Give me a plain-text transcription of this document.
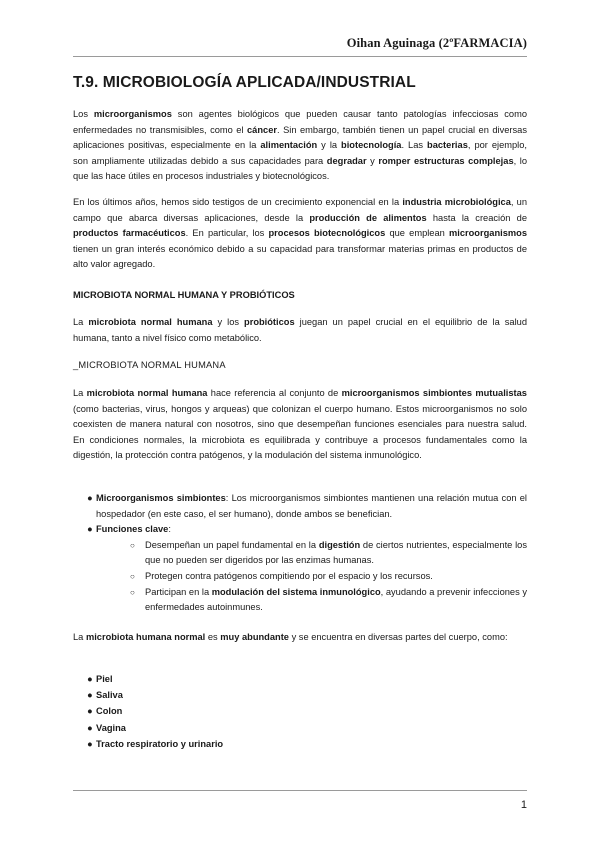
Oihan Aguinaga (2ºFARMACIA)
T.9. MICROBIOLOGÍA APLICADA/INDUSTRIAL

Los microorganismos son agentes biológicos que pueden causar tanto patologías infecciosas como enfermedades no transmisibles, como el cáncer. Sin embargo, también tienen un papel crucial en diversas aplicaciones positivas, especialmente en la alimentación y la biotecnología. Las bacterias, por ejemplo, son ampliamente utilizadas debido a sus capacidades para degradar y romper estructuras complejas, lo que las hace útiles en procesos industriales y biotecnológicos.

En los últimos años, hemos sido testigos de un crecimiento exponencial en la industria microbiológica, un campo que abarca diversas aplicaciones, desde la producción de alimentos hasta la creación de productos farmacéuticos. En particular, los procesos biotecnológicos que emplean microorganismos tienen un gran interés económico debido a su capacidad para transformar materias primas en productos de alto valor agregado.

MICROBIOTA NORMAL HUMANA Y PROBIÓTICOS

La microbiota normal humana y los probióticos juegan un papel crucial en el equilibrio de la salud humana, tanto a nivel físico como metabólico.

_MICROBIOTA NORMAL HUMANA

La microbiota normal humana hace referencia al conjunto de microorganismos simbiontes mutualistas (como bacterias, virus, hongos y arqueas) que colonizan el cuerpo humano. Estos microorganismos no solo coexisten de manera natural con nosotros, sino que desempeñan funciones esenciales para nuestra salud. En condiciones normales, la microbiota es equilibrada y contribuye a procesos fundamentales como la digestión, la protección contra patógenos, y la modulación del sistema inmunológico.

● Microorganismos simbiontes: Los microorganismos simbiontes mantienen una relación mutua con el hospedador (en este caso, el ser humano), donde ambos se benefician.
● Funciones clave:
○ Desempeñan un papel fundamental en la digestión de ciertos nutrientes, especialmente los que no pueden ser digeridos por las enzimas humanas.
○ Protegen contra patógenos compitiendo por el espacio y los recursos.
○ Participan en la modulación del sistema inmunológico, ayudando a prevenir infecciones y enfermedades autoinmunes.

La microbiota humana normal es muy abundante y se encuentra en diversas partes del cuerpo, como:

● Piel
● Saliva
● Colon
● Vagina
● Tracto respiratorio y urinario
1
